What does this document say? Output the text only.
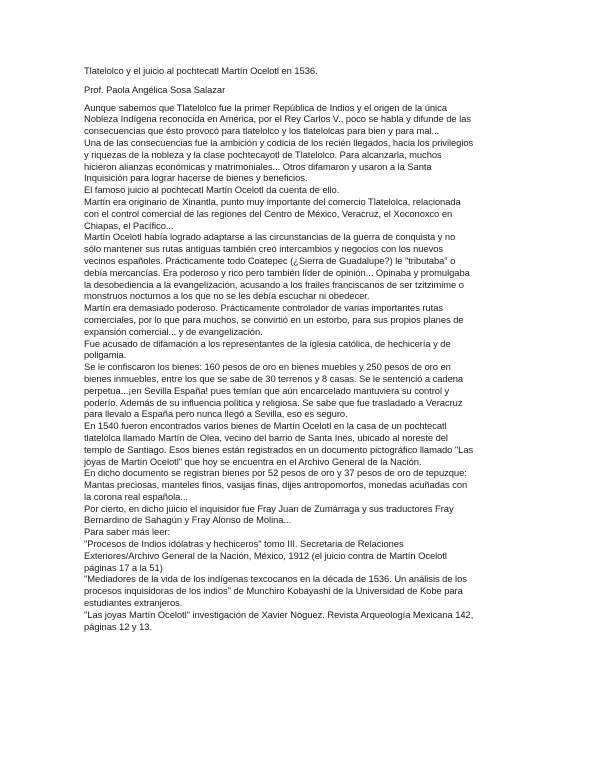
Tlatelolco y el juicio al pochtecatl Martín Ocelotl en 1536.
Prof. Paola Angélica Sosa Salazar
Aunque sabemos que Tlatelolco fue la primer República de Indios y el origen de la única
Nobleza Indígena reconocida en América, por el Rey Carlos V., poco se habla y difunde de las
consecuencias que ésto provocó para tlatelolco y los tlatelolcas para bien y para mal...
Una de las consecuencias fue la ambición y codicia de los recién llegados, hacia los privilegios
y riquezas de la nobleza y la clase pochtecayotl de Tlatelolco. Para alcanzarla, muchos
hicieron alianzas económicas y matrimoniales... Otros difamaron y usaron a la Santa
Inquisición para lograr hacerse de bienes y beneficios.
El famoso juicio al pochtecatl Martín Ocelotl da cuenta de ello.
Martín era originario de Xinantla, punto muy importante del comercio Tlatelolca, relacionada
con el control comercial de las regiones del Centro de México, Veracruz, el Xoconoxco en
Chiapas, el Pacífico...
Martín Ocelotl había logrado adaptarse a las circunstancias de la guerra de conquista y no
sólo mantener sus rutas antiguas también creó intercambios y negocios con los nuevos
vecinos españoles. Prácticamente todo Coatepec (¿Sierra de Guadalupe?) le "tributaba" o
debía mercancías. Era poderoso y rico pero también líder de opinión... Opinaba y promulgaba
la desobediencia a la evangelización, acusando a los frailes franciscanos de ser tzitzimime o
monstruos nocturnos a los que no se les debía escuchar ni obedecer.
Martín era demasiado poderoso. Prácticamente controlador de varias importantes rutas
comerciales, por lo que para muchos, se convirtió en un estorbo, para sus propios planes de
expansión comercial... y de evangelización.
Fue acusado de difamación a los representantes de la iglesia católica, de hechicería y de
poligamia.
Se le confiscaron los bienes: 160 pesos de oro en bienes muebles y 250 pesos de oro en
bienes inmuebles, entre los que se sabe de 30 terrenos y 8 casas. Se le sentenció a cadena
perpetua...¡en Sevilla España! pues temían que aún encarcelado mantuviera su control y
poderío. Además de su influencia política y religiosa. Se sabe que fue trasladado a Veracruz
para llevalo a España pero nunca llegó a Sevilla, eso es seguro.
En 1540 fueron encontrados varios bienes de Martín Ocelotl en la casa de un pochtecatl
tlatelolca llamado Martín de Olea, vecino del barrio de Santa Inés, ubicado al noreste del
templo de Santiago. Esos bienes están registrados en un documento pictográfico llamado "Las
joyas de Martín Ocelotl" que hoy se encuentra en el Archivo General de la Nación.
En dicho documento se registran bienes por 52 pesos de oro y 37 pesos de oro de tepuzque:
Mantas preciosas, manteles finos, vasijas finas, dijes antropomorfos, monedas acuñadas con
la corona real española...
Por cierto, en dicho juicio el inquisidor fue Fray Juan de Zumárraga y sus traductores Fray
Bernardino de Sahagún y Fray Alonso de Molina...
Para saber más leer:
"Procesos de Indios idólatras y hechiceros" tomo III. Secretaria de Relaciones
Exteriores/Archivo General de la Nación, México, 1912 (el juicio contra de Martín Ocelotl
páginas 17 a la 51)
"Mediadores de la vida de los indígenas texcocanos en la década de 1536. Un análisis de los
procesos inquisidoras de los indios" de Munchiro Kobayashi de la Universidad de Kobe para
estudiantes extranjeros.
"Las joyas Martín Ocelotl" investigación de Xavier Noguez. Revista Arqueología Mexicana 142,
páginas 12 y 13.
